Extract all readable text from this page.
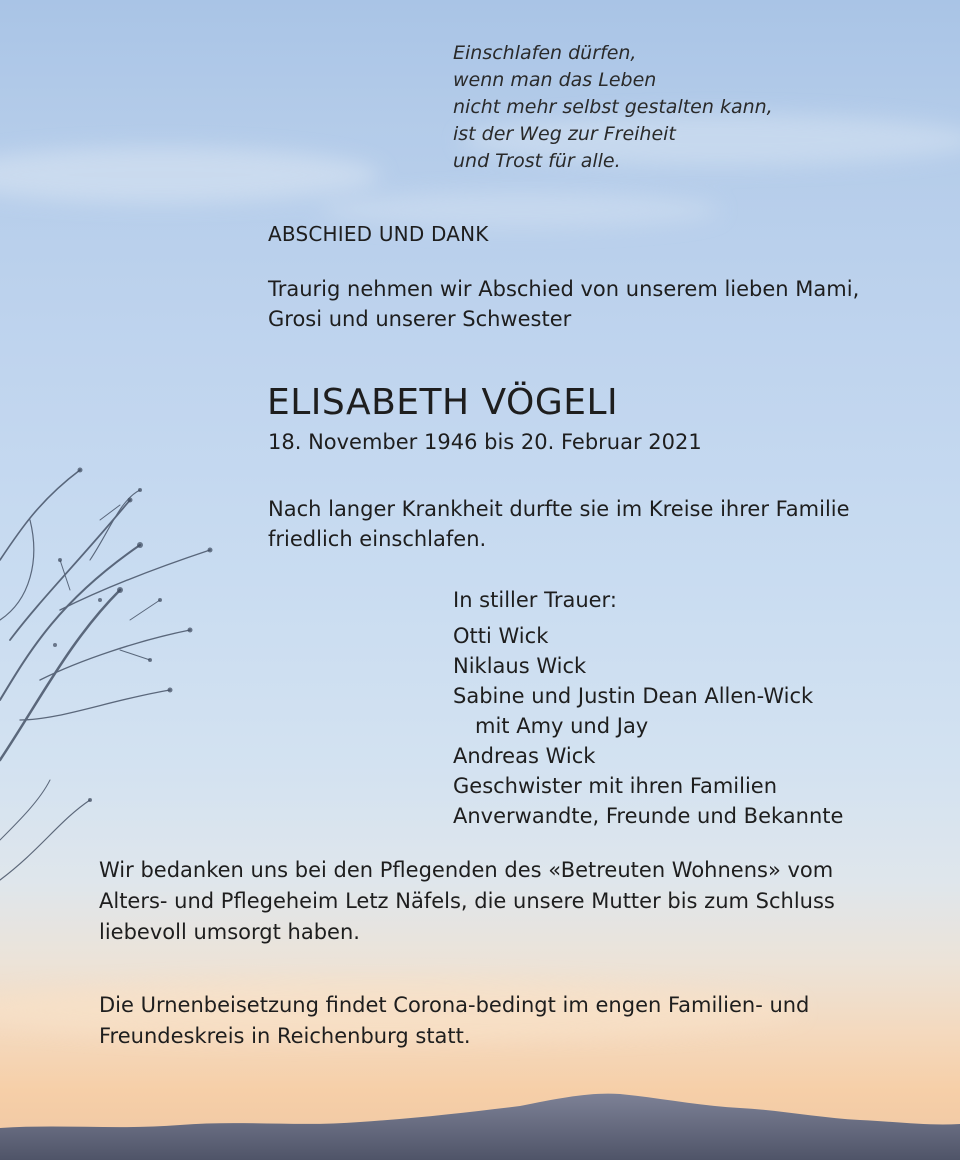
Einschlafen dürfen,
wenn man das Leben
nicht mehr selbst gestalten kann,
ist der Weg zur Freiheit
und Trost für alle.
ABSCHIED UND DANK
Traurig nehmen wir Abschied von unserem lieben Mami,
Grosi und unserer Schwester
ELISABETH VÖGELI
18. November 1946 bis 20. Februar 2021
Nach langer Krankheit durfte sie im Kreise ihrer Familie
friedlich einschlafen.
In stiller Trauer:
Otti Wick
Niklaus Wick
Sabine und Justin Dean Allen-Wick
mit Amy und Jay
Andreas Wick
Geschwister mit ihren Familien
Anverwandte, Freunde und Bekannte
Wir bedanken uns bei den Pflegenden des «Betreuten Wohnens» vom
Alters- und Pflegeheim Letz Näfels, die unsere Mutter bis zum Schluss
liebevoll umsorgt haben.
Die Urnenbeisetzung findet Corona-bedingt im engen Familien- und
Freundeskreis in Reichenburg statt.
